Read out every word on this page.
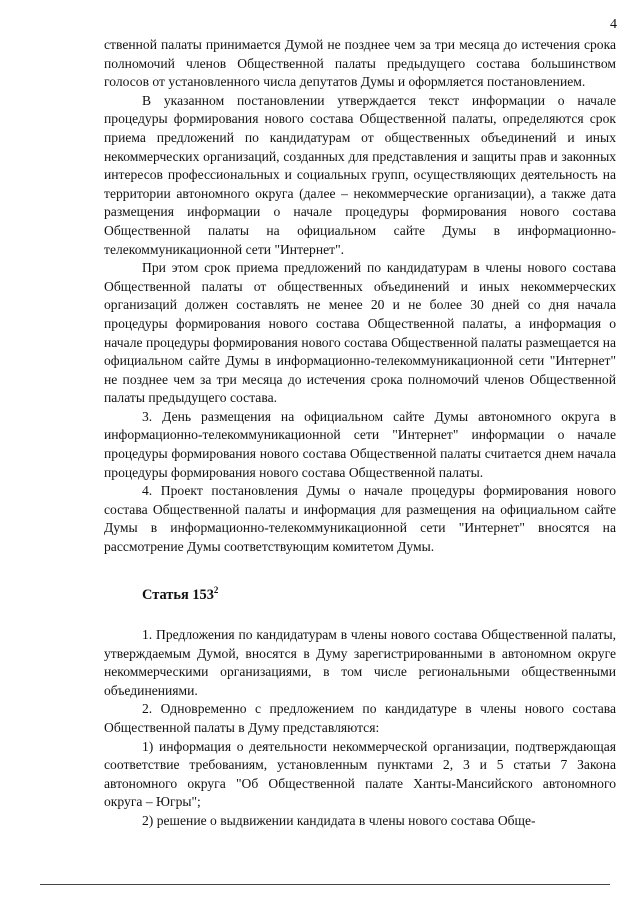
4

ственной палаты принимается Думой не позднее чем за три месяца до истечения срока полномочий членов Общественной палаты предыдущего состава большинством голосов от установленного числа депутатов Думы и оформляется постановлением.

В указанном постановлении утверждается текст информации о начале процедуры формирования нового состава Общественной палаты, определяются срок приема предложений по кандидатурам от общественных объединений и иных некоммерческих организаций, созданных для представления и защиты прав и законных интересов профессиональных и социальных групп, осуществляющих деятельность на территории автономного округа (далее – некоммерческие организации), а также дата размещения информации о начале процедуры формирования нового состава Общественной палаты на официальном сайте Думы в информационно-телекоммуникационной сети "Интернет".

При этом срок приема предложений по кандидатурам в члены нового состава Общественной палаты от общественных объединений и иных некоммерческих организаций должен составлять не менее 20 и не более 30 дней со дня начала процедуры формирования нового состава Общественной палаты, а информация о начале процедуры формирования нового состава Общественной палаты размещается на официальном сайте Думы в информационно-телекоммуникационной сети "Интернет" не позднее чем за три месяца до истечения срока полномочий членов Общественной палаты предыдущего состава.

3. День размещения на официальном сайте Думы автономного округа в информационно-телекоммуникационной сети "Интернет" информации о начале процедуры формирования нового состава Общественной палаты считается днем начала процедуры формирования нового состава Общественной палаты.

4. Проект постановления Думы о начале процедуры формирования нового состава Общественной палаты и информация для размещения на официальном сайте Думы в информационно-телекоммуникационной сети "Интернет" вносятся на рассмотрение Думы соответствующим комитетом Думы.

Статья $153^2$

1. Предложения по кандидатурам в члены нового состава Общественной палаты, утверждаемым Думой, вносятся в Думу зарегистрированными в автономном округе некоммерческими организациями, в том числе региональными общественными объединениями.

2. Одновременно с предложением по кандидатуре в члены нового состава Общественной палаты в Думу представляются:

1) информация о деятельности некоммерческой организации, подтверждающая соответствие требованиям, установленным пунктами 2, 3 и 5 статьи 7 Закона автономного округа "Об Общественной палате Ханты-Мансийского автономного округа – Югры";

2) решение о выдвижении кандидата в члены нового состава Обще-
